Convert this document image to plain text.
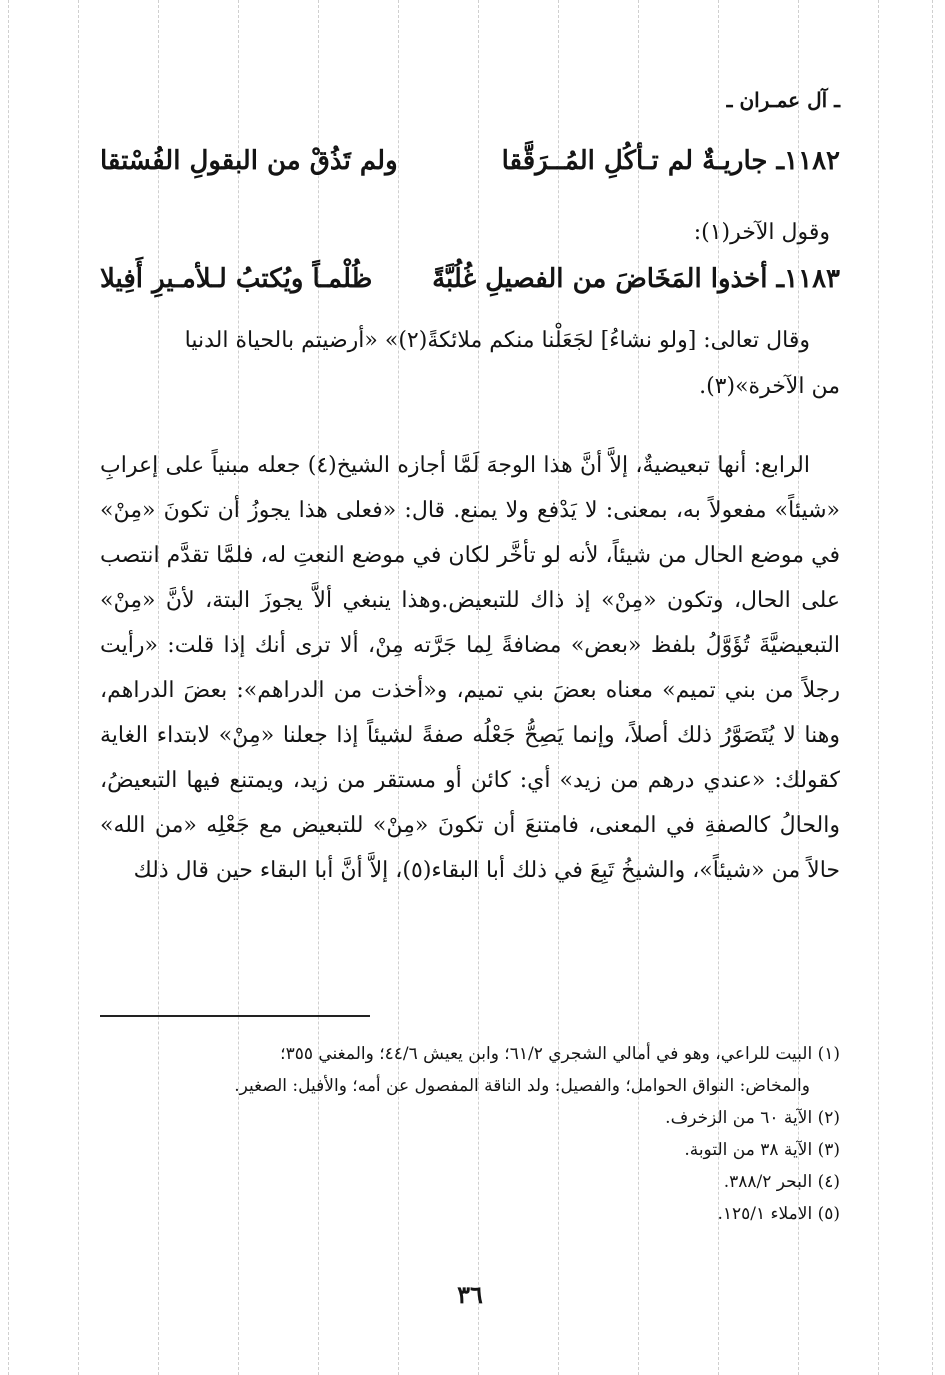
ـ آل عمـران ـ
١١٨٢ـ جاريـةٌ لم تـأكُلِ المُــرَقَّقا
ولم تَذُقْ من البقولِ الفُسْتقا
وقول الآخر(١):
١١٨٣ـ أخذوا المَخَاضَ من الفصيلِ غُلُبَّةً
ظُلْمـاً ويُكتبُ لـلأمـيرِ أَفِيلا
وقال تعالى: [ولو نشاءُ] لجَعَلْنا منكم ملائكةً(٢)» «أرضيتم بالحياة الدنيا
من الآخرة»(٣).
الرابع: أنها تبعيضيةٌ، إلاَّ أنَّ هذا الوجهَ لَمَّا أجازه الشيخ(٤) جعله مبنياً على إعرابِ «شيئاً» مفعولاً به، بمعنى: لا يَدْفع ولا يمنع. قال: «فعلى هذا يجوزُ أن تكونَ «مِنْ» في موضع الحال من شيئاً، لأنه لو تأخَّر لكان في موضع النعتِ له، فلمَّا تقدَّم انتصب على الحال، وتكون «مِنْ» إذ ذاك للتبعيض.وهذا ينبغي ألاَّ يجوزَ البتة، لأنَّ «مِنْ» التبعيضيَّةَ تُؤَوَّلُ بلفظ «بعض» مضافةً لِما جَرَّته مِنْ، ألا ترى أنك إذا قلت: «رأيت رجلاً من بني تميم» معناه بعضَ بني تميم، و«أخذت من الدراهم»: بعضَ الدراهم، وهنا لا يُتَصَوَّرُ ذلك أصلاً، وإنما يَصِحُّ جَعْلُه صفةً لشيئاً إذا جعلنا «مِنْ» لابتداء الغاية كقولك: «عندي درهم من زيد» أي: كائن أو مستقر من زيد، ويمتنع فيها التبعيضُ، والحالُ كالصفةِ في المعنى، فامتنعَ أن تكونَ «مِنْ» للتبعيض مع جَعْلِه «من الله» حالاً من «شيئاً»، والشيخُ تَبِعَ في ذلك أبا البقاء(٥)، إلاَّ أنَّ أبا البقاء حين قال ذلك
(١) البيت للراعي، وهو في أمالي الشجري ٦١/٢؛ وابن يعيش ٤٤/٦؛ والمغني ٣٥٥؛
والمخاض: النواق الحوامل؛ والفصيل: ولد الناقة المفصول عن أمه؛ والأفيل: الصغير.
(٢) الآية ٦٠ من الزخرف.
(٣) الآية ٣٨ من التوبة.
(٤) البحر ٣٨٨/٢.
(٥) الاملاء ١٢٥/١.
٣٦
